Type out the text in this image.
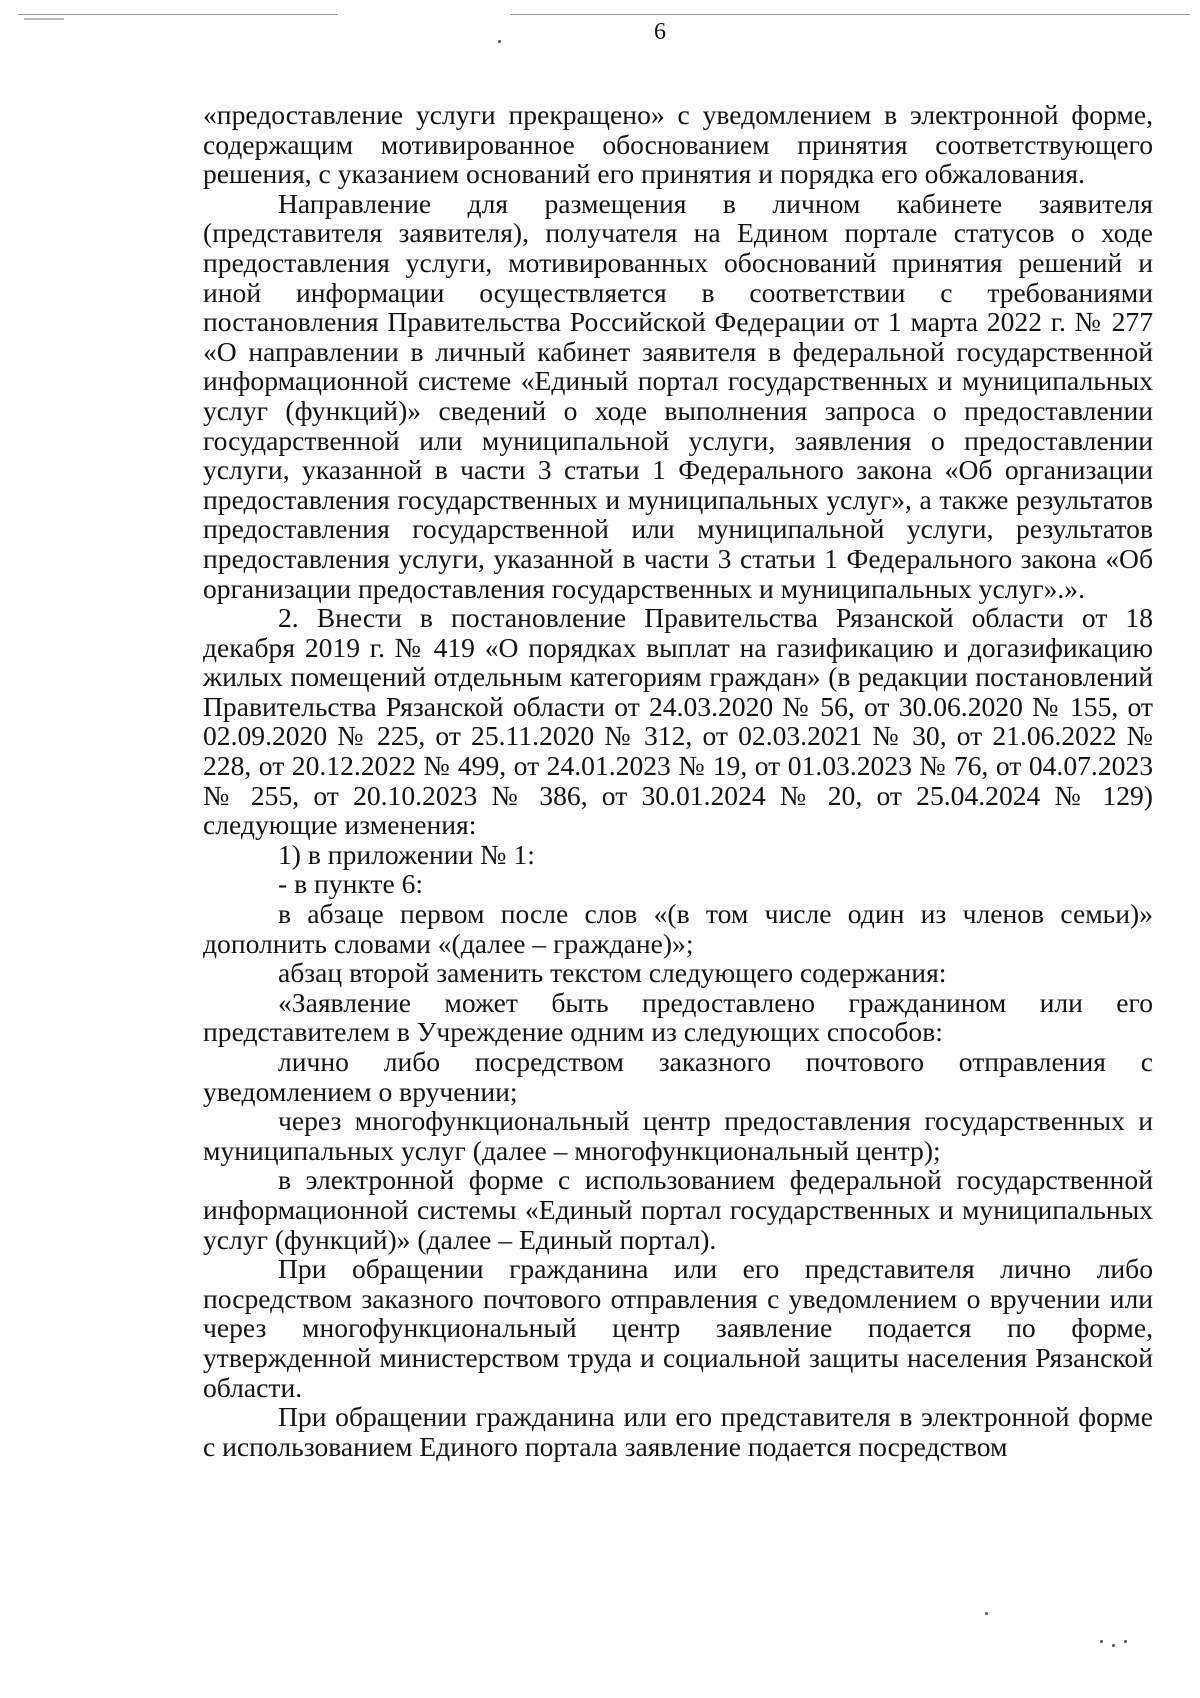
6

«предоставление услуги прекращено» с уведомлением в электронной форме, содержащим мотивированное обоснованием принятия соответствующего решения, с указанием оснований его принятия и порядка его обжалования.

Направление для размещения в личном кабинете заявителя (представителя заявителя), получателя на Едином портале статусов о ходе предоставления услуги, мотивированных обоснований принятия решений и иной информации осуществляется в соответствии с требованиями постановления Правительства Российской Федерации от 1 марта 2022 г. № 277 «О направлении в личный кабинет заявителя в федеральной государственной информационной системе «Единый портал государственных и муниципальных услуг (функций)» сведений о ходе выполнения запроса о предоставлении государственной или муниципальной услуги, заявления о предоставлении услуги, указанной в части 3 статьи 1 Федерального закона «Об организации предоставления государственных и муниципальных услуг», а также результатов предоставления государственной или муниципальной услуги, результатов предоставления услуги, указанной в части 3 статьи 1 Федерального закона «Об организации предоставления государственных и муниципальных услуг».».

2. Внести в постановление Правительства Рязанской области от 18 декабря 2019 г. № 419 «О порядках выплат на газификацию и догазификацию жилых помещений отдельным категориям граждан» (в редакции постановлений Правительства Рязанской области от 24.03.2020 № 56, от 30.06.2020 № 155, от 02.09.2020 № 225, от 25.11.2020 № 312, от 02.03.2021 № 30, от 21.06.2022 № 228, от 20.12.2022 № 499, от 24.01.2023 № 19, от 01.03.2023 № 76, от 04.07.2023 № 255, от 20.10.2023 № 386, от 30.01.2024 № 20, от 25.04.2024 № 129) следующие изменения:

1) в приложении № 1:

- в пункте 6:

в абзаце первом после слов «(в том числе один из членов семьи)» дополнить словами «(далее – граждане)»;

абзац второй заменить текстом следующего содержания:

«Заявление может быть предоставлено гражданином или его представителем в Учреждение одним из следующих способов:

лично либо посредством заказного почтового отправления с уведомлением о вручении;

через многофункциональный центр предоставления государственных и муниципальных услуг (далее – многофункциональный центр);

в электронной форме с использованием федеральной государственной информационной системы «Единый портал государственных и муниципальных услуг (функций)» (далее – Единый портал).

При обращении гражданина или его представителя лично либо посредством заказного почтового отправления с уведомлением о вручении или через многофункциональный центр заявление подается по форме, утвержденной министерством труда и социальной защиты населения Рязанской области.

При обращении гражданина или его представителя в электронной форме с использованием Единого портала заявление подается посредством
